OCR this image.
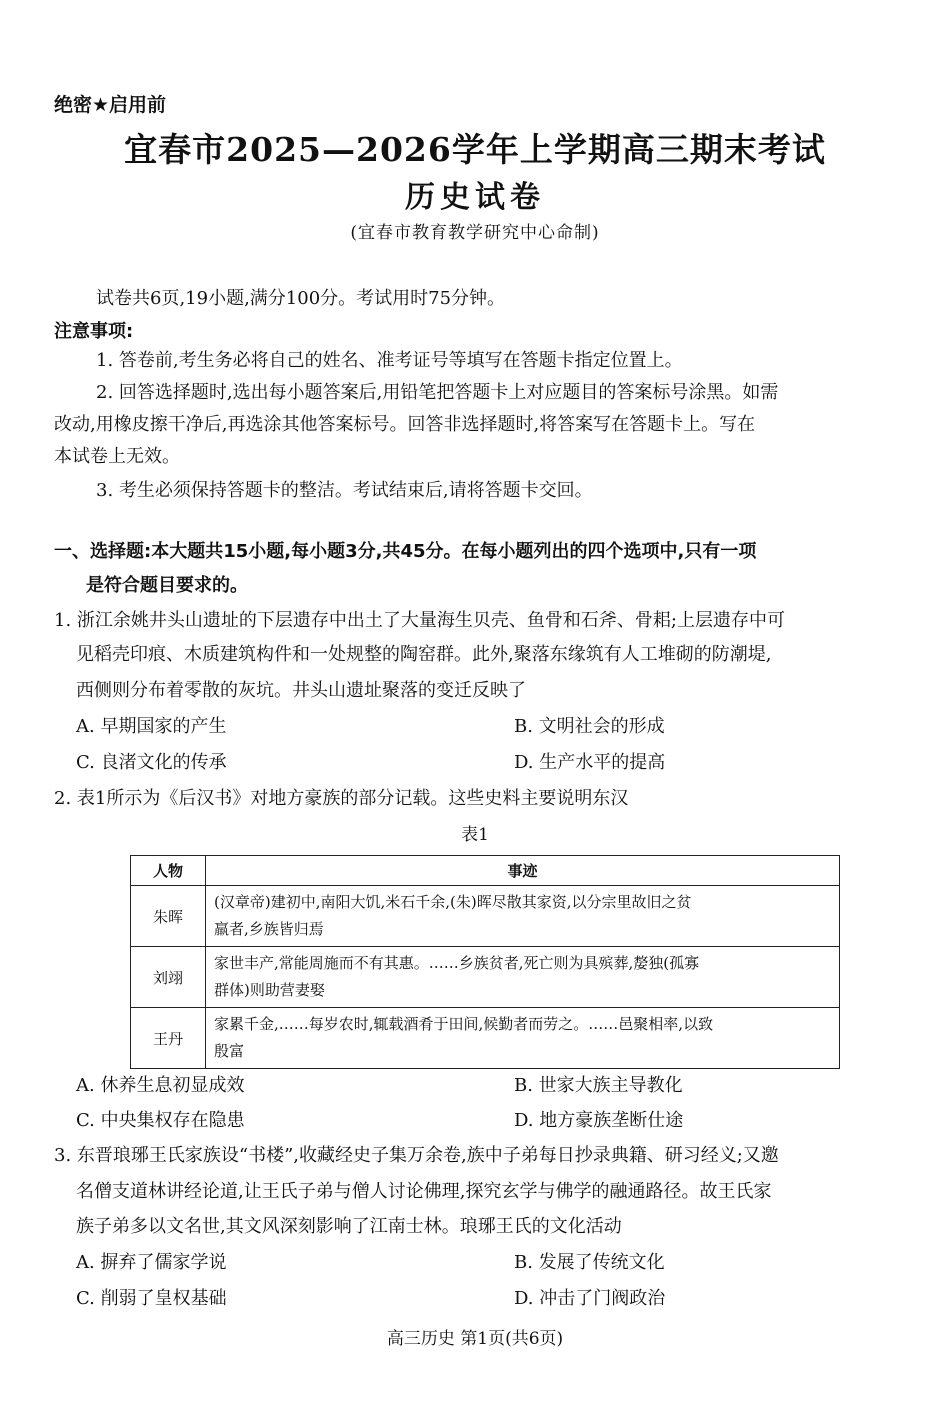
绝密★启用前
宜春市2025—2026学年上学期高三期末考试
历史试卷
(宜春市教育教学研究中心命制)
试卷共6页,19小题,满分100分。考试用时75分钟。
注意事项:
1. 答卷前,考生务必将自己的姓名、准考证号等填写在答题卡指定位置上。
2. 回答选择题时,选出每小题答案后,用铅笔把答题卡上对应题目的答案标号涂黑。如需
改动,用橡皮擦干净后,再选涂其他答案标号。回答非选择题时,将答案写在答题卡上。写在
本试卷上无效。
3. 考生必须保持答题卡的整洁。考试结束后,请将答题卡交回。
一、选择题:本大题共15小题,每小题3分,共45分。在每小题列出的四个选项中,只有一项
是符合题目要求的。
1. 浙江余姚井头山遗址的下层遗存中出土了大量海生贝壳、鱼骨和石斧、骨耜;上层遗存中可
见稻壳印痕、木质建筑构件和一处规整的陶窑群。此外,聚落东缘筑有人工堆砌的防潮堤,
西侧则分布着零散的灰坑。井头山遗址聚落的变迁反映了
A. 早期国家的产生	B. 文明社会的形成
C. 良渚文化的传承	D. 生产水平的提高
2. 表1所示为《后汉书》对地方豪族的部分记载。这些史料主要说明东汉
表1
人物	事迹
朱晖	(汉章帝)建初中,南阳大饥,米石千余,(朱)晖尽散其家资,以分宗里故旧之贫
羸者,乡族皆归焉

刘翊	家世丰产,常能周施而不有其惠。……乡族贫者,死亡则为具殡葬,嫠独(孤寡
群体)则助营妻娶

王丹	家累千金,……每岁农时,辄载酒肴于田间,候勤者而劳之。……邑聚相率,以致
殷富
A. 休养生息初显成效	B. 世家大族主导教化
C. 中央集权存在隐患	D. 地方豪族垄断仕途
3. 东晋琅琊王氏家族设“书楼”,收藏经史子集万余卷,族中子弟每日抄录典籍、研习经义;又邀
名僧支道林讲经论道,让王氏子弟与僧人讨论佛理,探究玄学与佛学的融通路径。故王氏家
族子弟多以文名世,其文风深刻影响了江南士林。琅琊王氏的文化活动
A. 摒弃了儒家学说	B. 发展了传统文化
C. 削弱了皇权基础	D. 冲击了门阀政治
高三历史 第1页(共6页)
